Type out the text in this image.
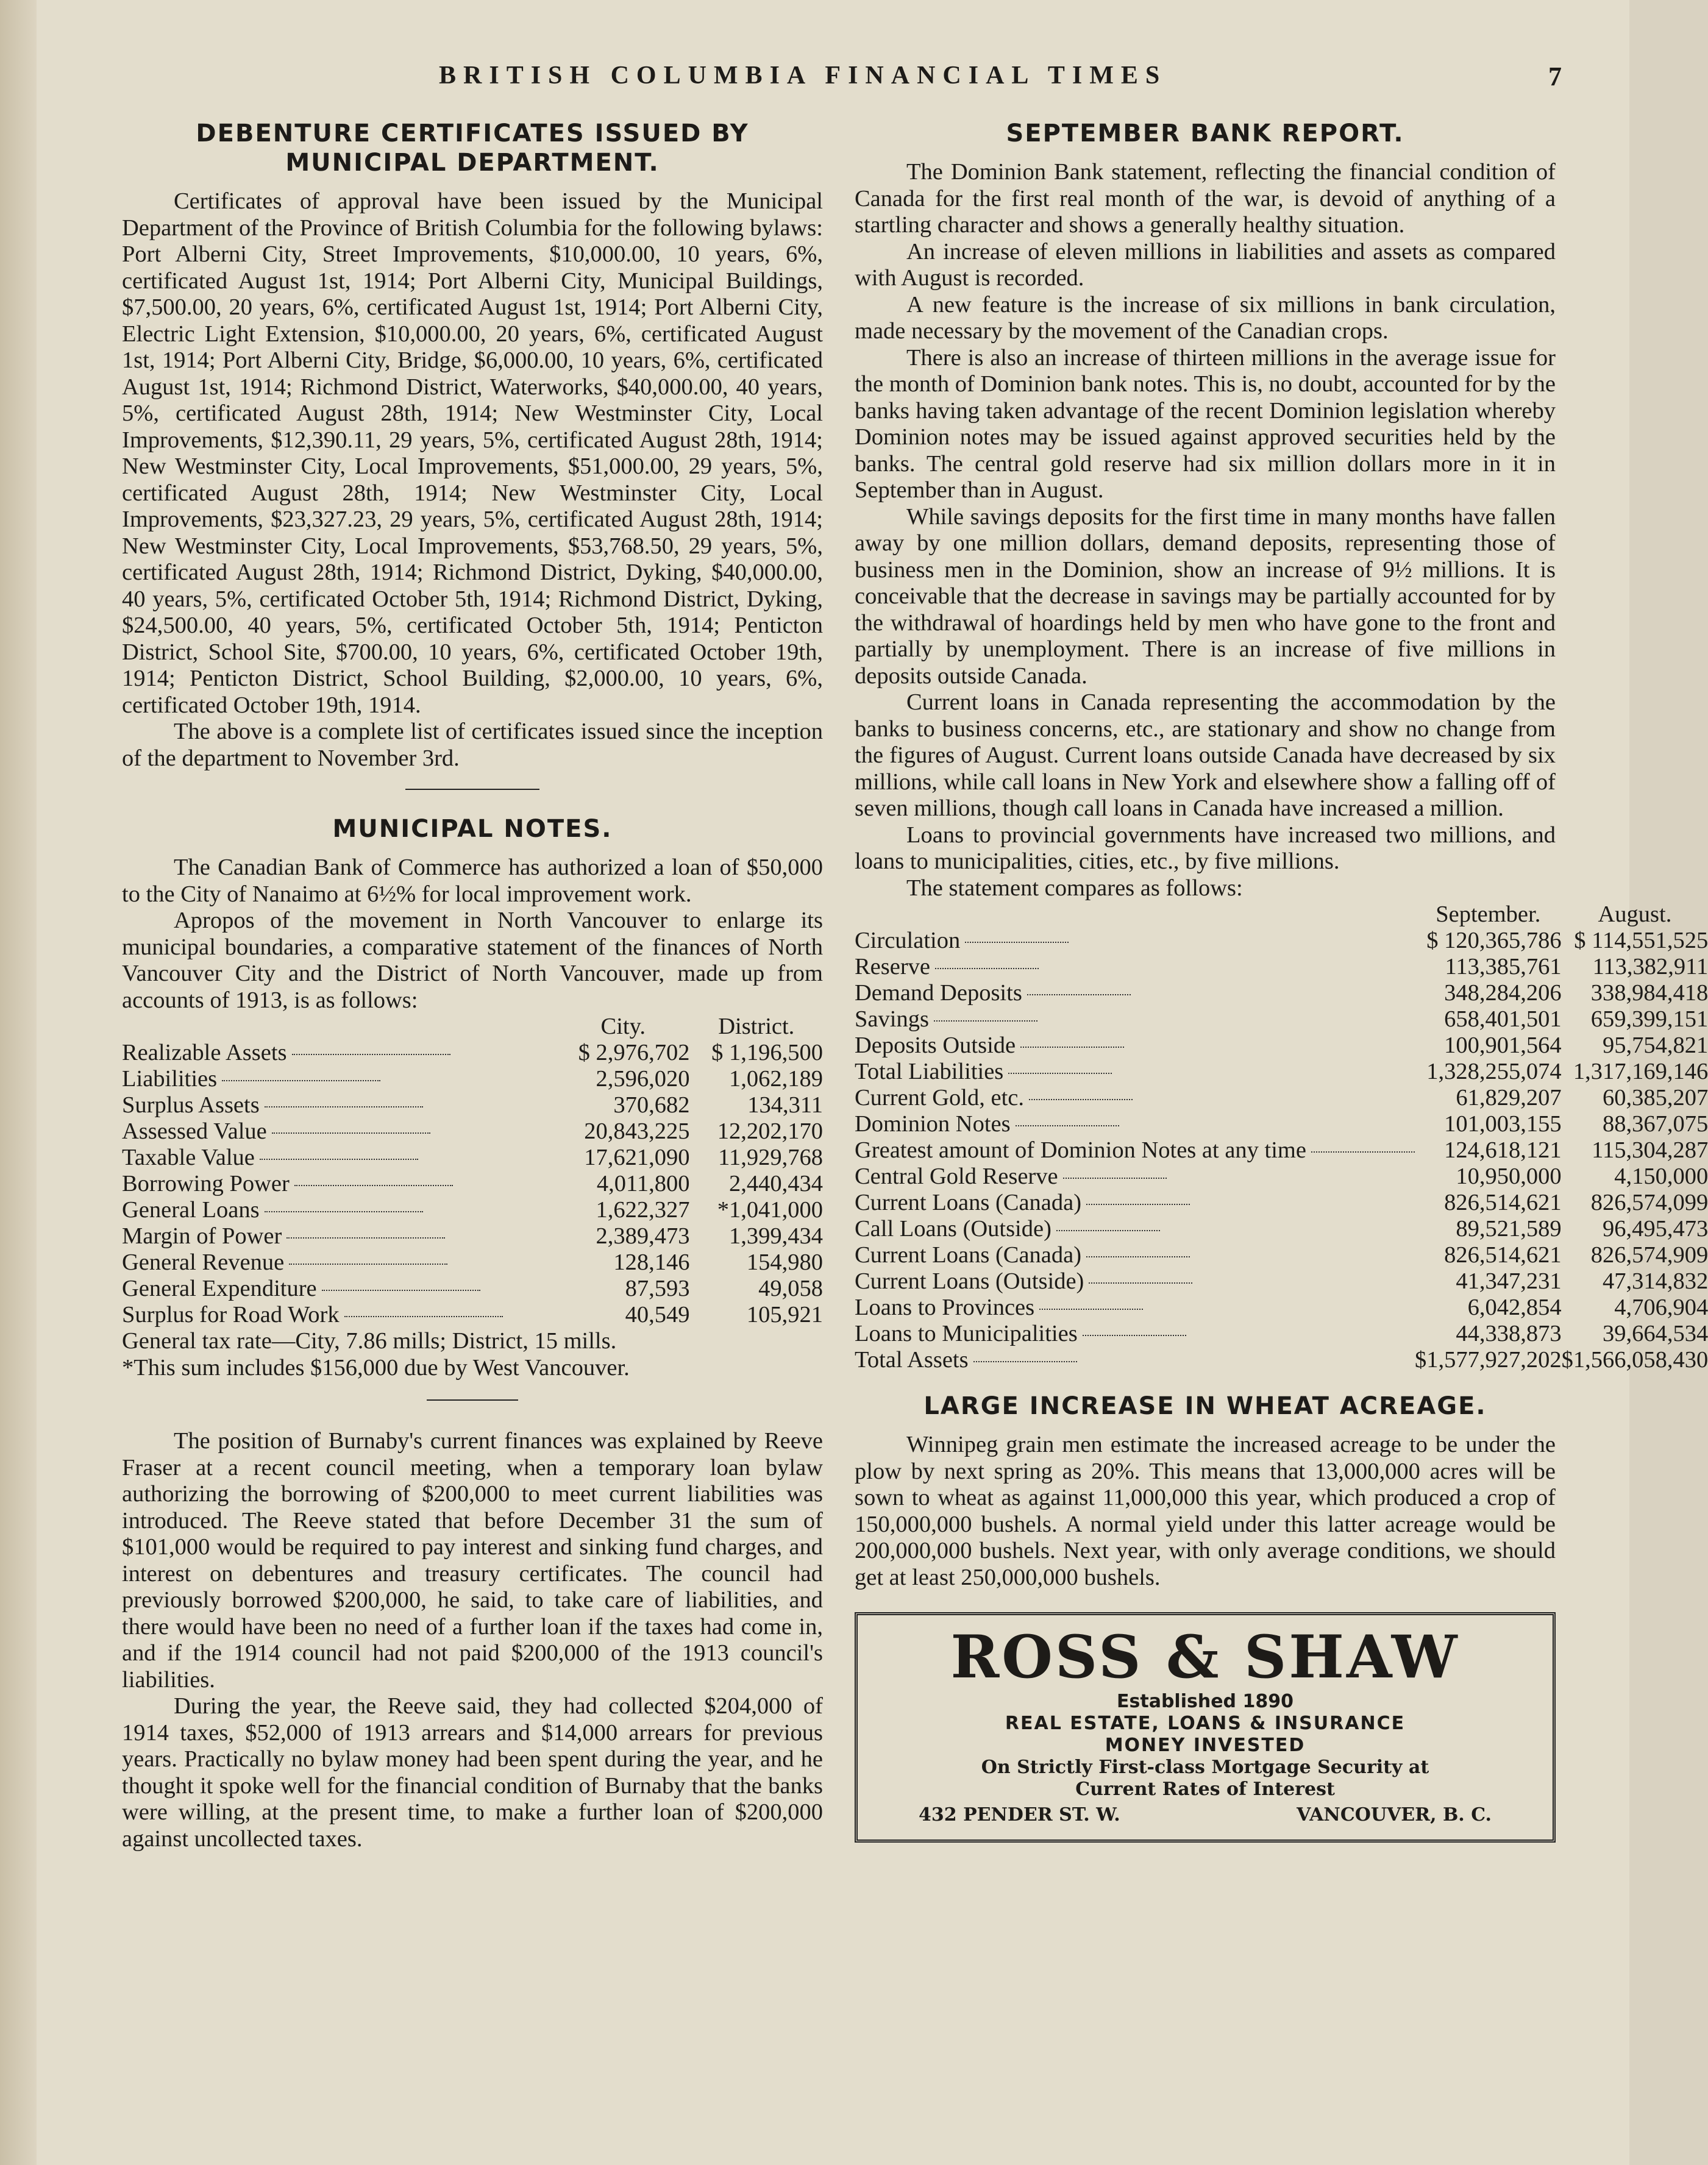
BRITISH COLUMBIA FINANCIAL TIMES	7
DEBENTURE CERTIFICATES ISSUED BY MUNICIPAL DEPARTMENT.

Certificates of approval have been issued by the Municipal Department of the Province of British Columbia for the following bylaws: Port Alberni City, Street Improvements, $10,000.00, 10 years, 6%, certificated August 1st, 1914; Port Alberni City, Municipal Buildings, $7,500.00, 20 years, 6%, certificated August 1st, 1914; Port Alberni City, Electric Light Extension, $10,000.00, 20 years, 6%, certificated August 1st, 1914; Port Alberni City, Bridge, $6,000.00, 10 years, 6%, certificated August 1st, 1914; Richmond District, Waterworks, $40,000.00, 40 years, 5%, certificated August 28th, 1914; New Westminster City, Local Improvements, $12,390.11, 29 years, 5%, certificated August 28th, 1914; New Westminster City, Local Improvements, $51,000.00, 29 years, 5%, certificated August 28th, 1914; New Westminster City, Local Improvements, $23,327.23, 29 years, 5%, certificated August 28th, 1914; New Westminster City, Local Improvements, $53,768.50, 29 years, 5%, certificated August 28th, 1914; Richmond District, Dyking, $40,000.00, 40 years, 5%, certificated October 5th, 1914; Richmond District, Dyking, $24,500.00, 40 years, 5%, certificated October 5th, 1914; Penticton District, School Site, $700.00, 10 years, 6%, certificated October 19th, 1914; Penticton District, School Building, $2,000.00, 10 years, 6%, certificated October 19th, 1914.

The above is a complete list of certificates issued since the inception of the department to November 3rd.

MUNICIPAL NOTES.

The Canadian Bank of Commerce has authorized a loan of $50,000 to the City of Nanaimo at 6½% for local improvement work.

Apropos of the movement in North Vancouver to enlarge its municipal boundaries, a comparative statement of the finances of North Vancouver City and the District of North Vancouver, made up from accounts of 1913, is as follows:

	City.	District.
Realizable Assets	$ 2,976,702	$ 1,196,500
Liabilities	2,596,020	1,062,189
Surplus Assets	370,682	134,311
Assessed Value	20,843,225	12,202,170
Taxable Value	17,621,090	11,929,768
Borrowing Power	4,011,800	2,440,434
General Loans	1,622,327	*1,041,000
Margin of Power	2,389,473	1,399,434
General Revenue	128,146	154,980
General Expenditure	87,593	49,058
Surplus for Road Work	40,549	105,921

General tax rate—City, 7.86 mills; District, 15 mills.

*This sum includes $156,000 due by West Vancouver.

The position of Burnaby's current finances was explained by Reeve Fraser at a recent council meeting, when a temporary loan bylaw authorizing the borrowing of $200,000 to meet current liabilities was introduced. The Reeve stated that before December 31 the sum of $101,000 would be required to pay interest and sinking fund charges, and interest on debentures and treasury certificates. The council had previously borrowed $200,000, he said, to take care of liabilities, and there would have been no need of a further loan if the taxes had come in, and if the 1914 council had not paid $200,000 of the 1913 council's liabilities.

During the year, the Reeve said, they had collected $204,000 of 1914 taxes, $52,000 of 1913 arrears and $14,000 arrears for previous years. Practically no bylaw money had been spent during the year, and he thought it spoke well for the financial condition of Burnaby that the banks were willing, at the present time, to make a further loan of $200,000 against uncollected taxes.

SEPTEMBER BANK REPORT.

The Dominion Bank statement, reflecting the financial condition of Canada for the first real month of the war, is devoid of anything of a startling character and shows a generally healthy situation.

An increase of eleven millions in liabilities and assets as compared with August is recorded.

A new feature is the increase of six millions in bank circulation, made necessary by the movement of the Canadian crops.

There is also an increase of thirteen millions in the average issue for the month of Dominion bank notes. This is, no doubt, accounted for by the banks having taken advantage of the recent Dominion legislation whereby Dominion notes may be issued against approved securities held by the banks. The central gold reserve had six million dollars more in it in September than in August.

While savings deposits for the first time in many months have fallen away by one million dollars, demand deposits, representing those of business men in the Dominion, show an increase of 9½ millions. It is conceivable that the decrease in savings may be partially accounted for by the withdrawal of hoardings held by men who have gone to the front and partially by unemployment. There is an increase of five millions in deposits outside Canada.

Current loans in Canada representing the accommodation by the banks to business concerns, etc., are stationary and show no change from the figures of August. Current loans outside Canada have decreased by six millions, while call loans in New York and elsewhere show a falling off of seven millions, though call loans in Canada have increased a million.

Loans to provincial governments have increased two millions, and loans to municipalities, cities, etc., by five millions.

The statement compares as follows:

	September.	August.
Circulation	$ 120,365,786	$ 114,551,525
Reserve	113,385,761	113,382,911
Demand Deposits	348,284,206	338,984,418
Savings	658,401,501	659,399,151
Deposits Outside	100,901,564	95,754,821
Total Liabilities	1,328,255,074	1,317,169,146
Current Gold, etc.	61,829,207	60,385,207
Dominion Notes	101,003,155	88,367,075
Greatest amount of Dominion Notes at any time	124,618,121	115,304,287
Central Gold Reserve	10,950,000	4,150,000
Current Loans (Canada)	826,514,621	826,574,099
Call Loans (Outside)	89,521,589	96,495,473
Current Loans (Canada)	826,514,621	826,574,909
Current Loans (Outside)	41,347,231	47,314,832
Loans to Provinces	6,042,854	4,706,904
Loans to Municipalities	44,338,873	39,664,534
Total Assets	$1,577,927,202	$1,566,058,430
LARGE INCREASE IN WHEAT ACREAGE.

Winnipeg grain men estimate the increased acreage to be under the plow by next spring as 20%. This means that 13,000,000 acres will be sown to wheat as against 11,000,000 this year, which produced a crop of 150,000,000 bushels. A normal yield under this latter acreage would be 200,000,000 bushels. Next year, with only average conditions, we should get at least 250,000,000 bushels.

ROSS & SHAW
Established 1890
REAL ESTATE, LOANS & INSURANCE
MONEY INVESTED
On Strictly First-class Mortgage Security at
Current Rates of Interest
432 PENDER ST. W.	VANCOUVER, B. C.
